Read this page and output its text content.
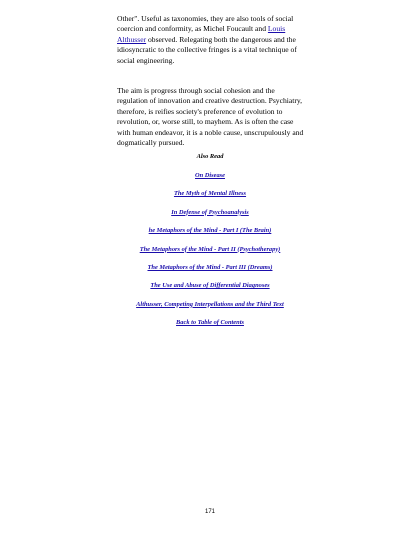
Other". Useful as taxonomies, they are also tools of social coercion and conformity, as Michel Foucault and Louis Althusser observed. Relegating both the dangerous and the idiosyncratic to the collective fringes is a vital technique of social engineering.

The aim is progress through social cohesion and the regulation of innovation and creative destruction. Psychiatry, therefore, is reifies society's preference of evolution to revolution, or, worse still, to mayhem. As is often the case with human endeavor, it is a noble cause, unscrupulously and dogmatically pursued.

Also Read

On Disease
The Myth of Mental Illness
In Defense of Psychoanalysis
he Metaphors of the Mind - Part I (The Brain)
The Metaphors of the Mind - Part II (Psychotherapy)
The Metaphors of the Mind - Part III (Dreams)
The Use and Abuse of Differential Diagnoses
Althusser, Competing Interpellations and the Third Text
Back to Table of Contents

171
